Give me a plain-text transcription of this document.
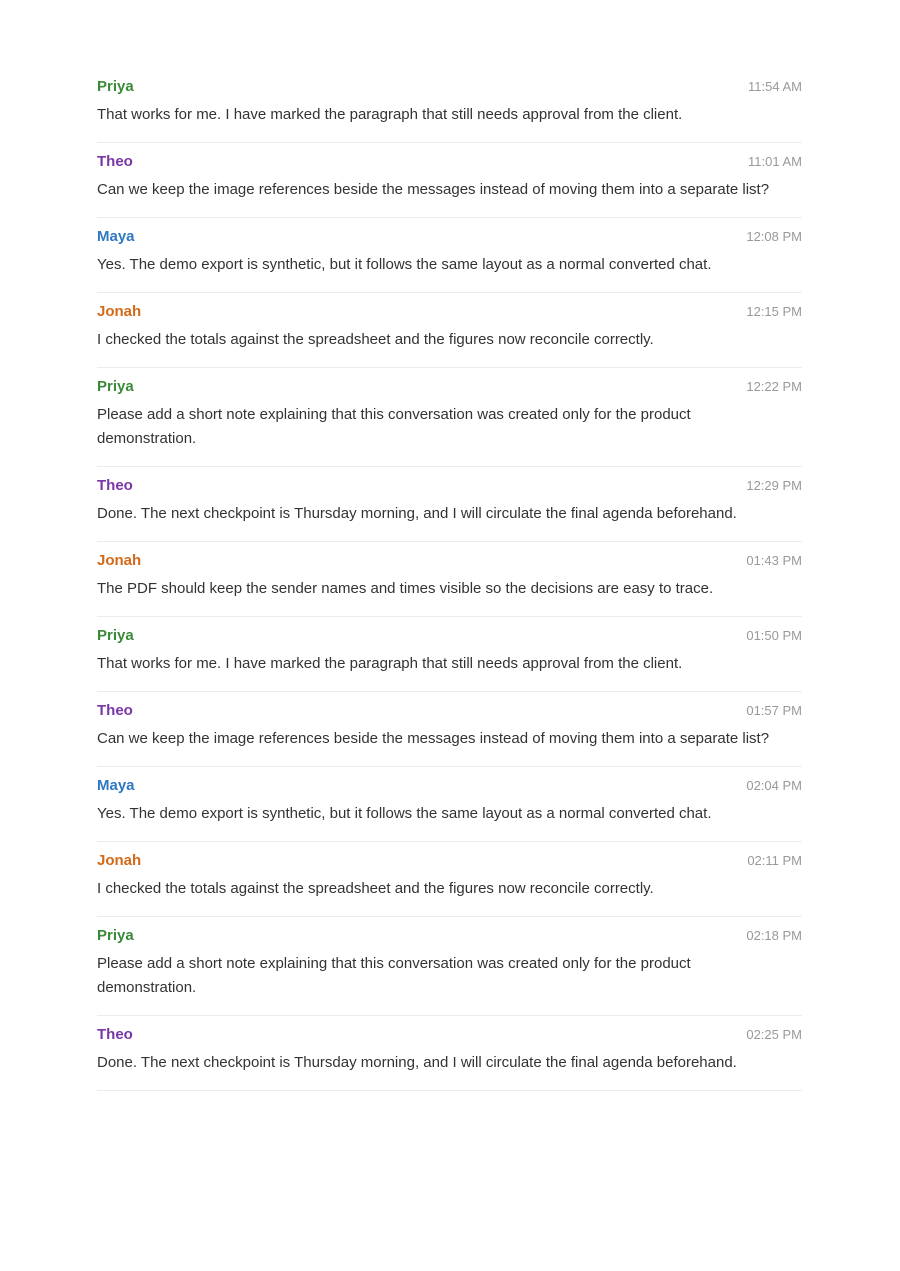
Priya	11:54 AM
That works for me. I have marked the paragraph that still needs approval from the client.
Theo	11:01 AM
Can we keep the image references beside the messages instead of moving them into a separate list?
Maya	12:08 PM
Yes. The demo export is synthetic, but it follows the same layout as a normal converted chat.
Jonah	12:15 PM
I checked the totals against the spreadsheet and the figures now reconcile correctly.
Priya	12:22 PM
Please add a short note explaining that this conversation was created only for the product demonstration.
Theo	12:29 PM
Done. The next checkpoint is Thursday morning, and I will circulate the final agenda beforehand.
Jonah	01:43 PM
The PDF should keep the sender names and times visible so the decisions are easy to trace.
Priya	01:50 PM
That works for me. I have marked the paragraph that still needs approval from the client.
Theo	01:57 PM
Can we keep the image references beside the messages instead of moving them into a separate list?
Maya	02:04 PM
Yes. The demo export is synthetic, but it follows the same layout as a normal converted chat.
Jonah	02:11 PM
I checked the totals against the spreadsheet and the figures now reconcile correctly.
Priya	02:18 PM
Please add a short note explaining that this conversation was created only for the product demonstration.
Theo	02:25 PM
Done. The next checkpoint is Thursday morning, and I will circulate the final agenda beforehand.
